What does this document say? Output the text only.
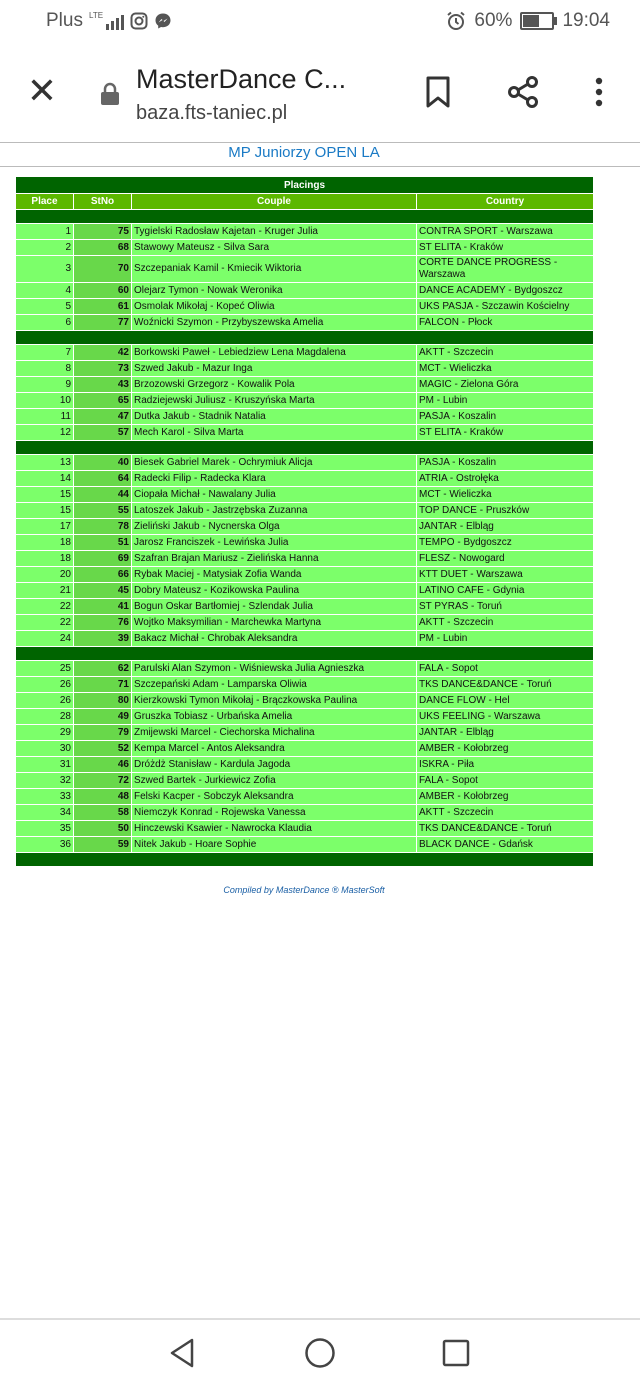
Plus LTE	60%	19:04
✕	MasterDance C...
baza.fts-taniec.pl
MP Juniorzy OPEN LA
Placings			
Place	StNo	Couple	Country

1	75	Tygielski Radosław Kajetan - Kruger Julia	CONTRA SPORT - Warszawa
2	68	Stawowy Mateusz - Silva Sara	ST ELITA - Kraków
3	70	Szczepaniak Kamil - Kmiecik Wiktoria	CORTE DANCE PROGRESS - Warszawa
4	60	Olejarz Tymon - Nowak Weronika	DANCE ACADEMY - Bydgoszcz
5	61	Osmolak Mikołaj - Kopeć Oliwia	UKS PASJA - Szczawin Kościelny
6	77	Woźnicki Szymon - Przybyszewska Amelia	FALCON - Płock

7	42	Borkowski Paweł - Lebiedziew Lena Magdalena	AKTT - Szczecin
8	73	Szwed Jakub - Mazur Inga	MCT - Wieliczka
9	43	Brzozowski Grzegorz - Kowalik Pola	MAGIC - Zielona Góra
10	65	Radziejewski Juliusz - Kruszyńska Marta	PM - Lubin
11	47	Dutka Jakub - Stadnik Natalia	PASJA - Koszalin
12	57	Mech Karol - Silva Marta	ST ELITA - Kraków

13	40	Biesek Gabriel Marek - Ochrymiuk Alicja	PASJA - Koszalin
14	64	Radecki Filip - Radecka Klara	ATRIA - Ostrołęka
15	44	Ciopała Michał - Nawalany Julia	MCT - Wieliczka
15	55	Latoszek Jakub - Jastrzębska Zuzanna	TOP DANCE - Pruszków
17	78	Zieliński Jakub - Nycnerska Olga	JANTAR - Elbląg
18	51	Jarosz Franciszek - Lewińska Julia	TEMPO - Bydgoszcz
18	69	Szafran Brajan Mariusz - Zielińska Hanna	FLESZ - Nowogard
20	66	Rybak Maciej - Matysiak Zofia Wanda	KTT DUET - Warszawa
21	45	Dobry Mateusz - Kozikowska Paulina	LATINO CAFE - Gdynia
22	41	Bogun Oskar Bartłomiej - Szlendak Julia	ST PYRAS - Toruń
22	76	Wojtko Maksymilian - Marchewka Martyna	AKTT - Szczecin
24	39	Bakacz Michał - Chrobak Aleksandra	PM - Lubin

25	62	Parulski Alan Szymon - Wiśniewska Julia Agnieszka	FALA - Sopot
26	71	Szczepański Adam - Lamparska Oliwia	TKS DANCE&DANCE - Toruń
26	80	Kierzkowski Tymon Mikołaj - Brączkowska Paulina	DANCE FLOW - Hel
28	49	Gruszka Tobiasz - Urbańska Amelia	UKS FEELING - Warszawa
29	79	Zmijewski Marcel - Ciechorska Michalina	JANTAR - Elbląg
30	52	Kempa Marcel - Antos Aleksandra	AMBER - Kołobrzeg
31	46	Dróżdż Stanisław - Kardula Jagoda	ISKRA - Piła
32	72	Szwed Bartek - Jurkiewicz Zofia	FALA - Sopot
33	48	Felski Kacper - Sobczyk Aleksandra	AMBER - Kołobrzeg
34	58	Niemczyk Konrad - Rojewska Vanessa	AKTT - Szczecin
35	50	Hinczewski Ksawier - Nawrocka Klaudia	TKS DANCE&DANCE - Toruń
36	59	Nitek Jakub - Hoare Sophie	BLACK DANCE - Gdańsk

Compiled by MasterDance ® MasterSoft
